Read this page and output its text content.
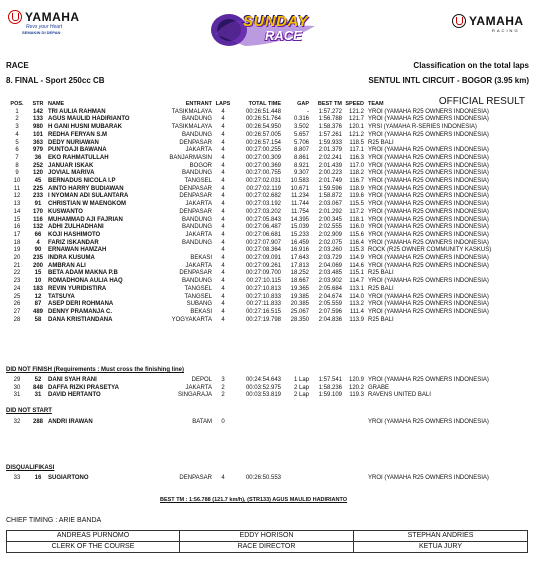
YAMAHA
Revs your Heart
SEMAKIN DI DEPAN
SUNDAY
RACE
YAMAHA
RACING
RACE
8. FINAL - Sport 250cc CB
Classification on the total laps
SENTUL INTL CIRCUIT - BOGOR (3.95 km)
OFFICIAL RESULT
POS.	STR	NAME	ENTRANT	LAPS	TOTAL TIME	GAP	BEST TM	SPEED	TEAM
1	142	TRI AULIA RAHMAN	TASIKMALAYA	4	00:26:51.448	-	1:57.272	121.2	YROI (YAMAHA R25 OWNERS INDONESIA)
2	133	AGUS MAULID HADIRIANTO	BANDUNG	4	00:26:51.764	0.316	1:56.788	121.7	YROI (YAMAHA R25 OWNERS INDONESIA)
3	980	H GANI HUSNI MUBARAK	TASIKMALAYA	4	00:26:54.950	3.502	1:58.376	120.1	YRSI (YAMAHA R-SERIES INDONESIA)
4	101	REDHA FERYAN S.M	BANDUNG	4	00:26:57.005	5.657	1:57.261	121.2	YROI (YAMAHA R25 OWNERS INDONESIA)
5	363	DEDY NURIAWAN	DENPASAR	4	00:26:57.154	5.706	1:59.933	118.5	R25 BALI
6	979	PUNTOAJI BAWANA	JAKARTA	4	00:27:00.255	8.807	2:01.379	117.1	YROI (YAMAHA R25 OWNERS INDONESIA)
7	36	EKO RAHMATULLAH	BANJARMASIN	4	00:27:00.309	8.861	2:02.241	116.3	YROI (YAMAHA R25 OWNERS INDONESIA)
8	252	JANUAR ISKAK	BOGOR	4	00:27:00.369	8.921	2:01.439	117.0	YROI (YAMAHA R25 OWNERS INDONESIA)
9	120	JOVIAL MARIVA	BANDUNG	4	00:27:00.755	9.307	2:00.223	118.2	YROI (YAMAHA R25 OWNERS INDONESIA)
10	45	BERNADUS NICOLA I.P	TANGSEL	4	00:27:02.031	10.583	2:01.749	116.7	YROI (YAMAHA R25 OWNERS INDONESIA)
11	225	AINTO HARRY BUDIAWAN	DENPASAR	4	00:27:02.119	10.671	1:59.596	118.9	YROI (YAMAHA R25 OWNERS INDONESIA)
12	233	I NYOMAN ADI SULANTARA	DENPASAR	4	00:27:02.682	11.234	1:58.872	119.6	YROI (YAMAHA R25 OWNERS INDONESIA)
13	91	CHRISTIAN W MAENGKOM	JAKARTA	4	00:27:03.192	11.744	2:03.067	115.5	YROI (YAMAHA R25 OWNERS INDONESIA)
14	170	KUSWANTO	DENPASAR	4	00:27:03.202	11.754	2:01.292	117.2	YROI (YAMAHA R25 OWNERS INDONESIA)
15	116	MUHAMMAD AJI FAJRIAN	BANDUNG	4	00:27:05.843	14.395	2:00.345	118.1	YROI (YAMAHA R25 OWNERS INDONESIA)
16	132	ADHI ZULHADHANI	BANDUNG	4	00:27:06.487	15.039	2:02.555	116.0	YROI (YAMAHA R25 OWNERS INDONESIA)
17	66	KOJI HASHIMOTO	JAKARTA	4	00:27:06.681	15.233	2:02.909	115.6	YROI (YAMAHA R25 OWNERS INDONESIA)
18	4	FARIZ ISKANDAR	BANDUNG	4	00:27:07.907	16.459	2:02.075	116.4	YROI (YAMAHA R25 OWNERS INDONESIA)
19	90	ERNAWAN HAMZAH		4	00:27:08.364	16.916	2:03.260	115.3	ROCK (R25 OWNER COMMUNITY KASKUS)
20	235	INDRA KUSUMA	BEKASI	4	00:27:09.091	17.643	2:03.729	114.9	YROI (YAMAHA R25 OWNERS INDONESIA)
21	200	AMBRAN ALI	JAKARTA	4	00:27:09.261	17.813	2:04.069	114.6	YROI (YAMAHA R25 OWNERS INDONESIA)
22	15	BETA ADAM MAKNA P.B	DENPASAR	4	00:27:09.700	18.252	2:03.485	115.1	R25 BALI
23	10	ROMADHONA AULIA HAQ	BANDUNG	4	00:27:10.115	18.667	2:03.902	114.7	YROI (YAMAHA R25 OWNERS INDONESIA)
24	183	REVIN YURIDISTIRA	TANGSEL	4	00:27:10.813	19.365	2:05.684	113.1	R25 BALI
25	12	TATSUYA	TANGSEL	4	00:27:10.833	19.385	2:04.674	114.0	YROI (YAMAHA R25 OWNERS INDONESIA)
26	87	ASEP DERI ROHMANA	SUBANG	4	00:27:11.833	20.385	2:05.559	113.2	YROI (YAMAHA R25 OWNERS INDONESIA)
27	489	DENNY PRAMANJA C.	BEKASI	4	00:27:16.515	25.067	2:07.596	111.4	YROI (YAMAHA R25 OWNERS INDONESIA)
28	58	DANA KRISTIANDANA	YOGYAKARTA	4	00:27:19.798	28.350	2:04.836	113.9	R25 BALI
DID NOT FINISH (Requirements : Must cross the finishing line)
29	52	DANI SYAH RANI	DEPOL	3	00:24:54.643	1 Lap	1:57.541	120.9	YROI (YAMAHA R25 OWNERS INDONESIA)
30	848	DAFFA RIZKI PRASETYA	JAKARTA	2	00:03:52.975	2 Lap	1:58.236	120.2	GRABE
31	31	DAVID HERTANTO	SINGARAJA	2	00:03:53.819	2 Lap	1:59.109	119.3	RAVENS UNITED BALI
DID NOT START
32	288	ANDRI IRAWAN	BATAM	0					YROI (YAMAHA R25 OWNERS INDONESIA)
DISQUALIFIKASI
33	16	SUGIARTONO	DENPASAR	4	00:26:50.553				YROI (YAMAHA R25 OWNERS INDONESIA)
BEST TM : 1:56.788 (121.7 km/h), (STR133) AGUS MAULID HADIRIANTO
CHIEF TIMING : ARIE BANDA
ANDREAS PURNOMO
CLERK OF THE COURSE
EDDY HORISON
RACE DIRECTOR
STEPHAN ANDRIES
KETUA JURY
